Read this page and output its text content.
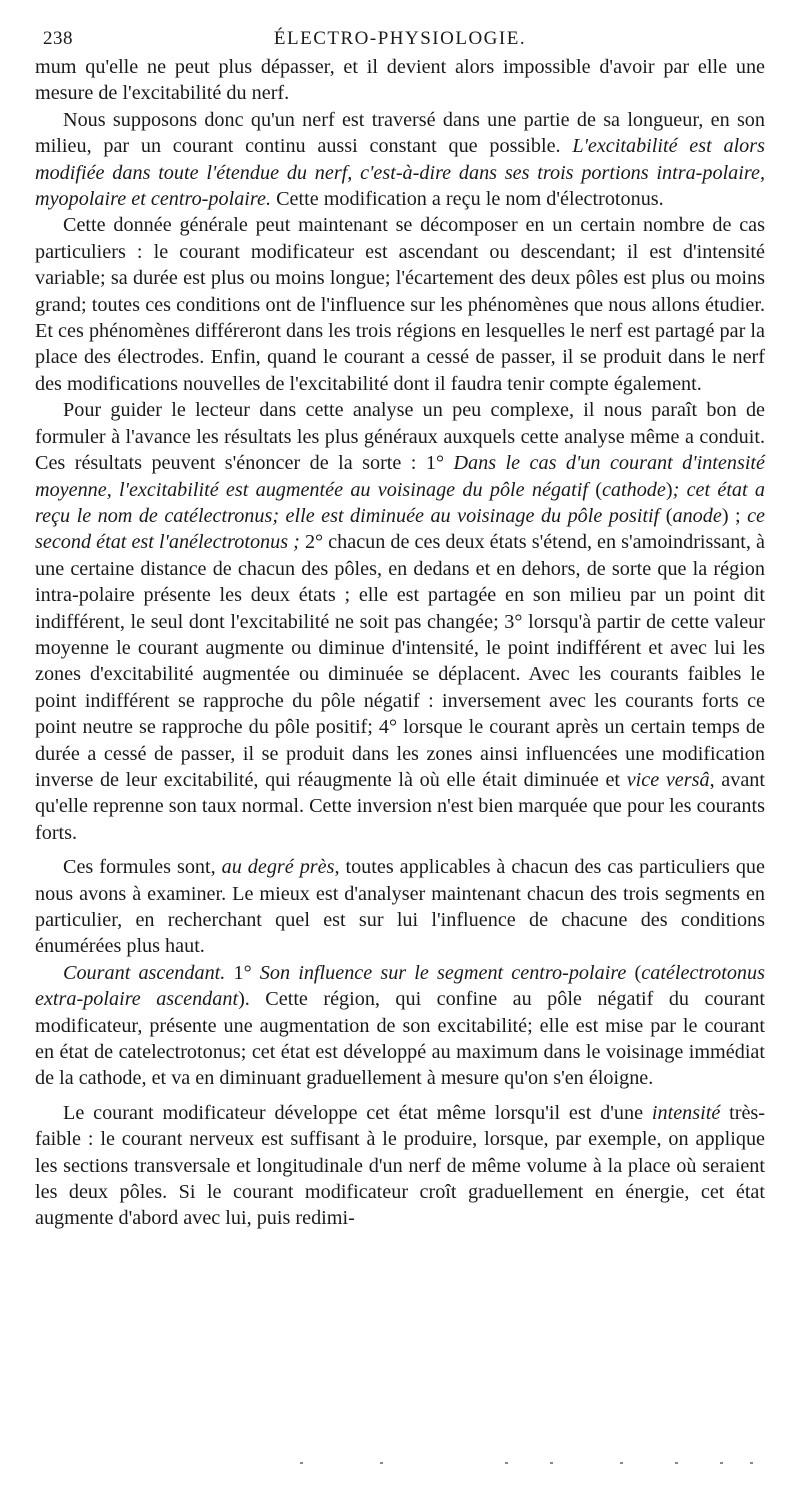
238	ÉLECTRO-PHYSIOLOGIE.

mum qu'elle ne peut plus dépasser, et il devient alors impossible d'avoir par elle une mesure de l'excitabilité du nerf.

Nous supposons donc qu'un nerf est traversé dans une partie de sa longueur, en son milieu, par un courant continu aussi constant que possible. L'excitabilité est alors modifiée dans toute l'étendue du nerf, c'est-à-dire dans ses trois portions intra-polaire, myopolaire et centro-polaire. Cette modification a reçu le nom d'électrotonus.

Cette donnée générale peut maintenant se décomposer en un certain nombre de cas particuliers : le courant modificateur est ascendant ou descendant; il est d'intensité variable; sa durée est plus ou moins longue; l'écartement des deux pôles est plus ou moins grand; toutes ces conditions ont de l'influence sur les phénomènes que nous allons étudier. Et ces phénomènes différeront dans les trois régions en lesquelles le nerf est partagé par la place des électrodes. Enfin, quand le courant a cessé de passer, il se produit dans le nerf des modifications nouvelles de l'excitabilité dont il faudra tenir compte également.

Pour guider le lecteur dans cette analyse un peu complexe, il nous paraît bon de formuler à l'avance les résultats les plus généraux auxquels cette analyse même a conduit. Ces résultats peuvent s'énoncer de la sorte : 1° Dans le cas d'un courant d'intensité moyenne, l'excitabilité est augmentée au voisinage du pôle négatif (cathode); cet état a reçu le nom de catélectronus; elle est diminuée au voisinage du pôle positif (anode) ; ce second état est l'anélectrotonus ; 2° chacun de ces deux états s'étend, en s'amoindrissant, à une certaine distance de chacun des pôles, en dedans et en dehors, de sorte que la région intra-polaire présente les deux états ; elle est partagée en son milieu par un point dit indifférent, le seul dont l'excitabilité ne soit pas changée; 3° lorsqu'à partir de cette valeur moyenne le courant augmente ou diminue d'intensité, le point indifférent et avec lui les zones d'excitabilité augmentée ou diminuée se déplacent. Avec les courants faibles le point indifférent se rapproche du pôle négatif : inversement avec les courants forts ce point neutre se rapproche du pôle positif; 4° lorsque le courant après un certain temps de durée a cessé de passer, il se produit dans les zones ainsi influencées une modification inverse de leur excitabilité, qui réaugmente là où elle était diminuée et vice versâ, avant qu'elle reprenne son taux normal. Cette inversion n'est bien marquée que pour les courants forts.

Ces formules sont, au degré près, toutes applicables à chacun des cas particuliers que nous avons à examiner. Le mieux est d'analyser maintenant chacun des trois segments en particulier, en recherchant quel est sur lui l'influence de chacune des conditions énumérées plus haut.

Courant ascendant. 1° Son influence sur le segment centro-polaire (catélectrotonus extra-polaire ascendant). Cette région, qui confine au pôle négatif du courant modificateur, présente une augmentation de son excitabilité; elle est mise par le courant en état de catelectrotonus; cet état est développé au maximum dans le voisinage immédiat de la cathode, et va en diminuant graduellement à mesure qu'on s'en éloigne.

Le courant modificateur développe cet état même lorsqu'il est d'une intensité très-faible : le courant nerveux est suffisant à le produire, lorsque, par exemple, on applique les sections transversale et longitudinale d'un nerf de même volume à la place où seraient les deux pôles. Si le courant modificateur croît graduellement en énergie, cet état augmente d'abord avec lui, puis redimi-
